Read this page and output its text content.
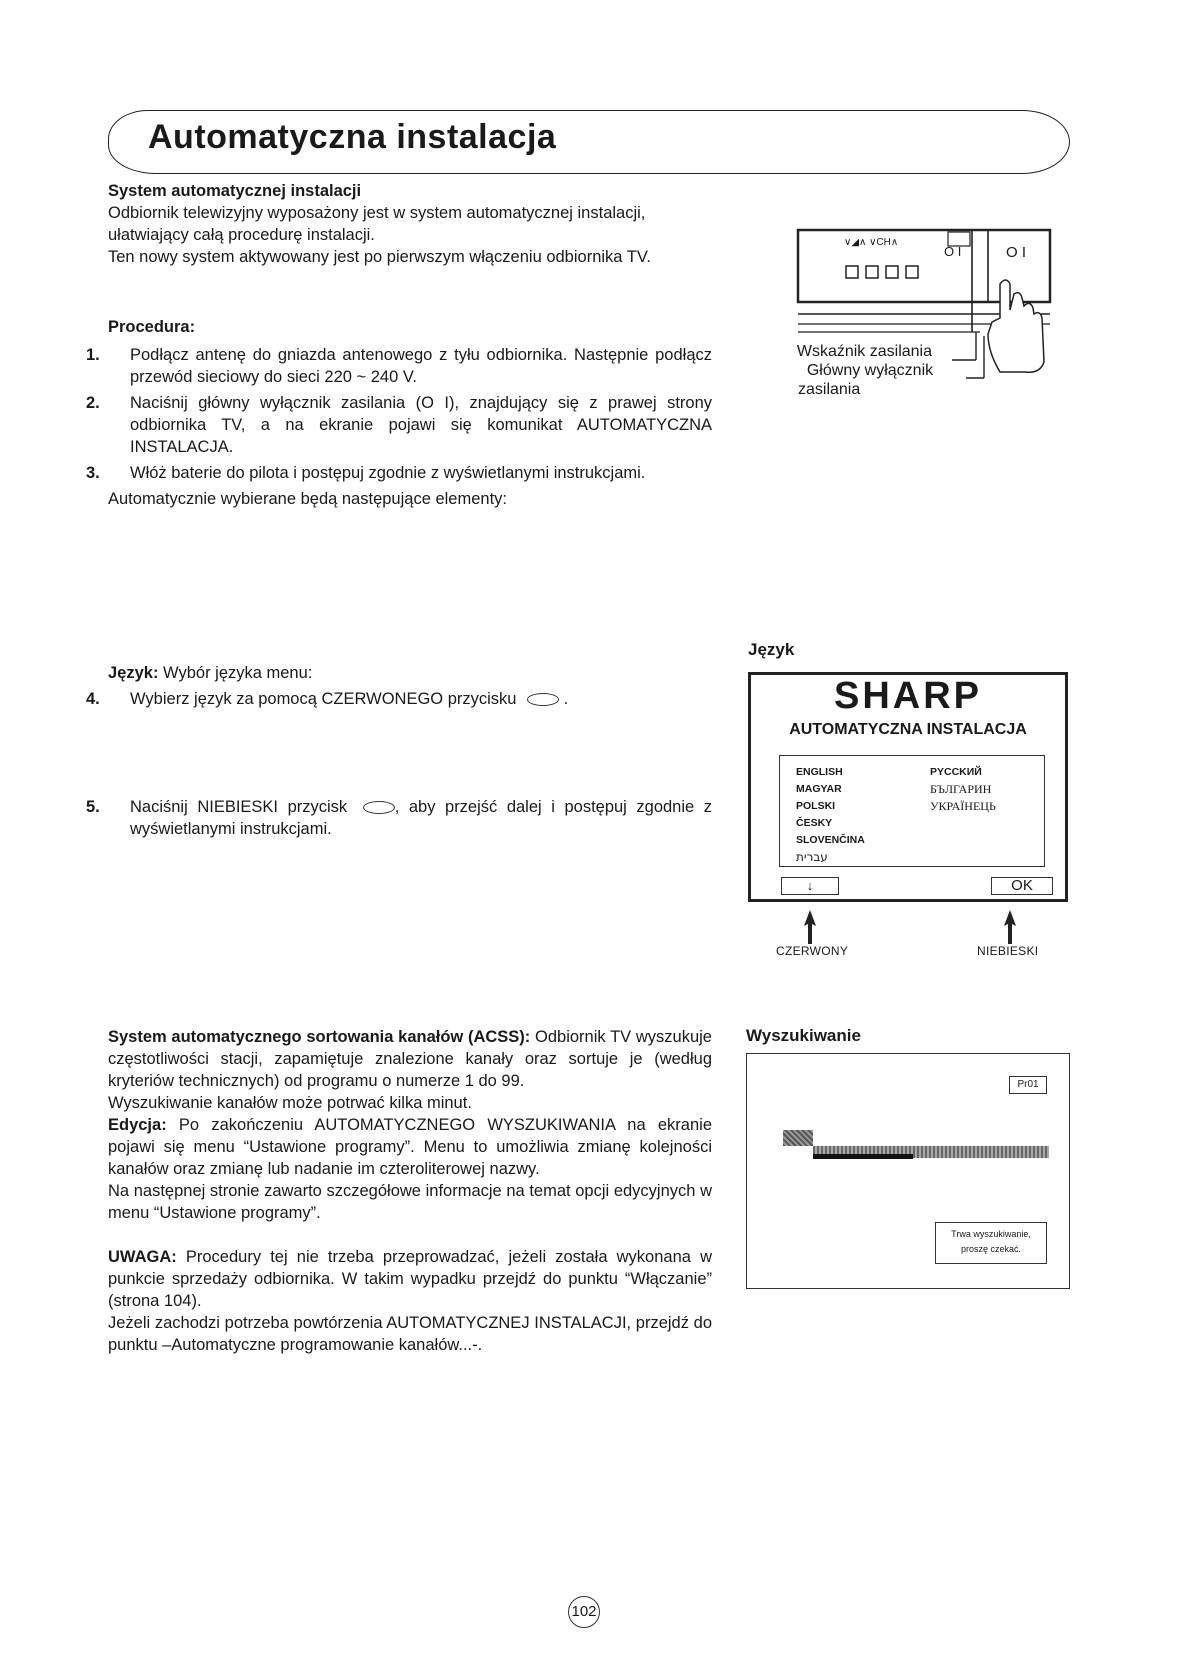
Automatyczna instalacja

System automatycznej instalacji

Odbiornik telewizyjny wyposażony jest w system automatycznej instalacji,

ułatwiający całą procedurę instalacji.

Ten nowy system aktywowany jest po pierwszym włączeniu odbiornika TV.

Procedura:

1. Podłącz antenę do gniazda antenowego z tyłu odbiornika. Następnie podłącz przewód sieciowy do sieci 220 ~ 240 V.

2. Naciśnij główny wyłącznik zasilania (O I), znajdujący się z prawej strony odbiornika TV, a na ekranie pojawi się komunikat AUTOMATYCZNA INSTALACJA.

3. Włóż baterie do pilota i postępuj zgodnie z wyświetlanymi instrukcjami.

Automatycznie wybierane będą następujące elementy:

∨◢∧ ∨CH∧
O I	O I
Wskaźnik zasilania
Główny wyłącznik
zasilania

Język: Wybór języka menu:

4. Wybierz język za pomocą CZERWONEGO przycisku	.

5. Naciśnij NIEBIESKI przycisk	, aby przejść dalej i postępuj zgodnie z wyświetlanymi instrukcjami.

Język
SHARP
AUTOMATYCZNA INSTALACJA
ENGLISH
MAGYAR
POLSKI
ČESKY
SLOVENČINA
עברית
PYCCKИЙ
БЪЛГАРИН
УКРАЇНЕЦЬ
↓	OK
CZERWONY	NIEBIESKI

System automatycznego sortowania kanałów (ACSS): Odbiornik TV wyszukuje częstotliwości stacji, zapamiętuje znalezione kanały oraz sortuje je (według kryteriów technicznych) od programu o numerze 1 do 99.

Wyszukiwanie kanałów może potrwać kilka minut.

Edycja: Po zakończeniu AUTOMATYCZNEGO WYSZUKIWANIA na ekranie pojawi się menu “Ustawione programy”. Menu to umożliwia zmianę kolejności kanałów oraz zmianę lub nadanie im czteroliterowej nazwy.

Na następnej stronie zawarto szczegółowe informacje na temat opcji edycyjnych w menu “Ustawione programy”.

UWAGA: Procedury tej nie trzeba przeprowadzać, jeżeli została wykonana w punkcie sprzedaży odbiornika. W takim wypadku przejdź do punktu “Włączanie” (strona 104).

Jeżeli zachodzi potrzeba powtórzenia AUTOMATYCZNEJ INSTALACJI, przejdź do punktu –Automatyczne programowanie kanałów...-.

Wyszukiwanie
Pr01
Trwa wyszukiwanie,
proszę czekać.
102
